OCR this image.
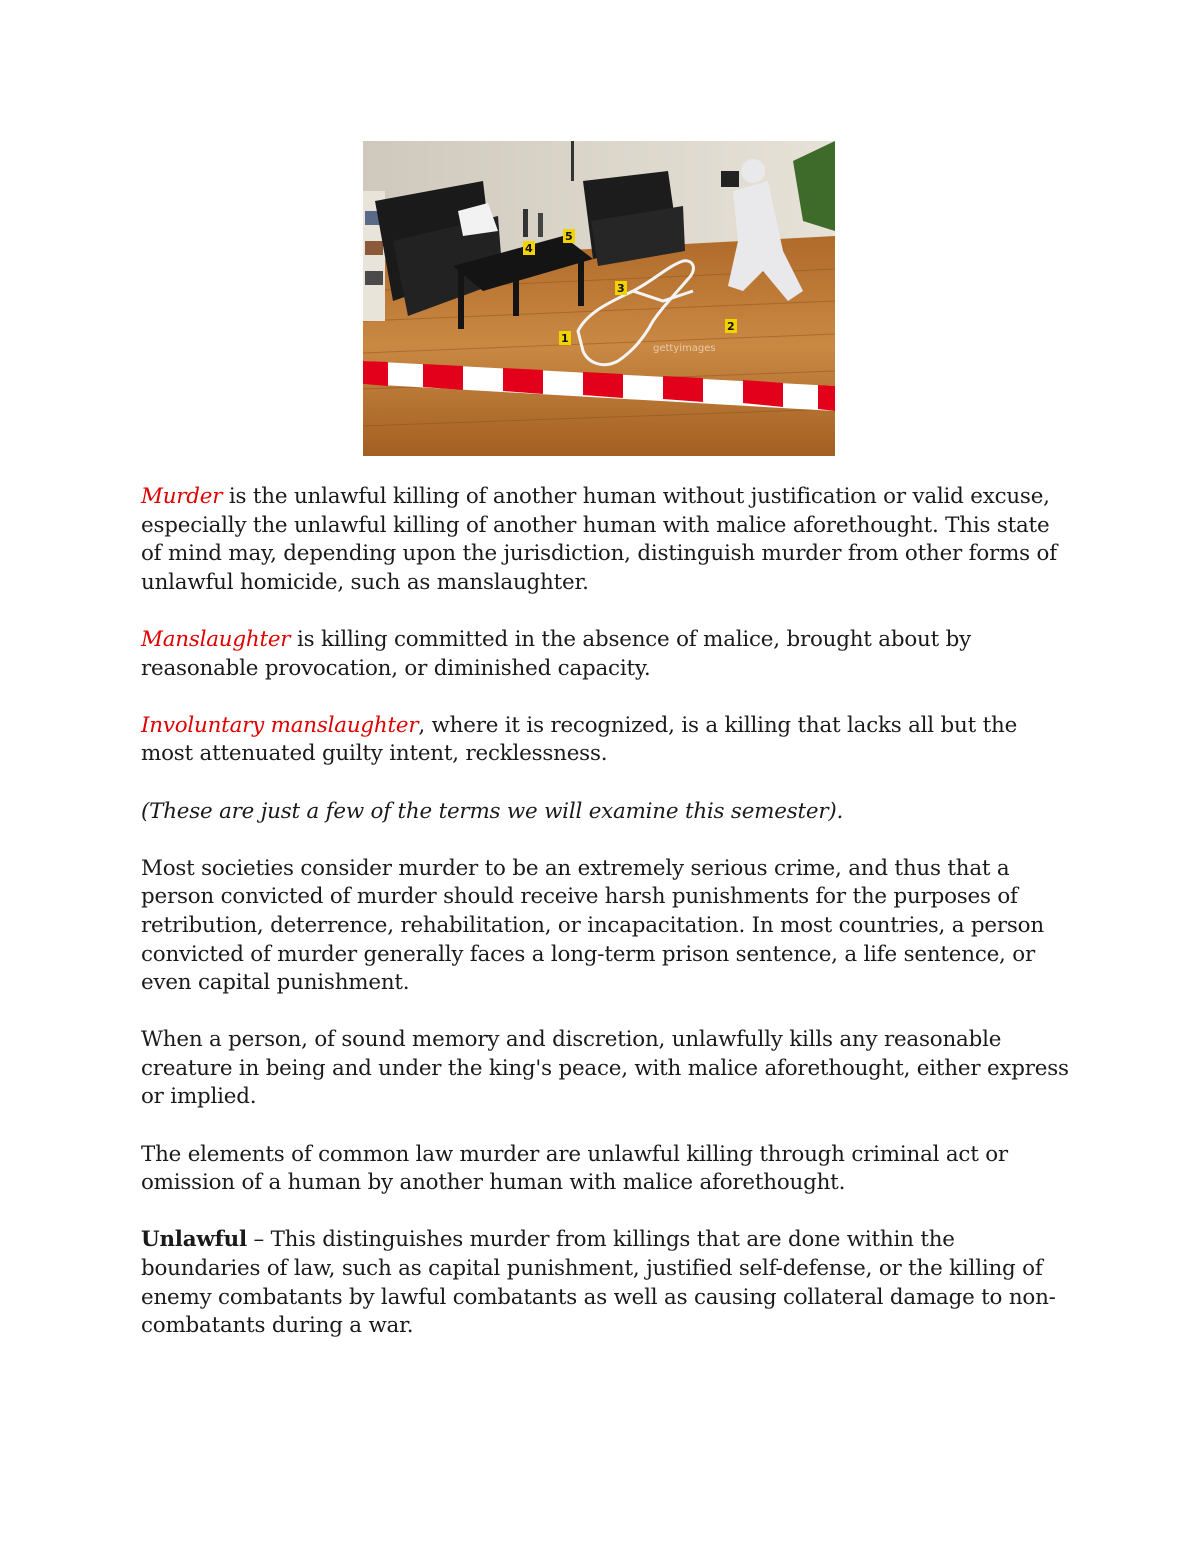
4
5
3
1
2
gettyimages

Murder is the unlawful killing of another human without justification or valid excuse, especially the unlawful killing of another human with malice aforethought. This state of mind may, depending upon the jurisdiction, distinguish murder from other forms of unlawful homicide, such as manslaughter.

Manslaughter is killing committed in the absence of malice, brought about by reasonable provocation, or diminished capacity.

Involuntary manslaughter, where it is recognized, is a killing that lacks all but the most attenuated guilty intent, recklessness.

(These are just a few of the terms we will examine this semester).

Most societies consider murder to be an extremely serious crime, and thus that a person convicted of murder should receive harsh punishments for the purposes of retribution, deterrence, rehabilitation, or incapacitation. In most countries, a person convicted of murder generally faces a long-term prison sentence, a life sentence, or even capital punishment.

When a person, of sound memory and discretion, unlawfully kills any reasonable creature in being and under the king's peace, with malice aforethought, either express or implied.

The elements of common law murder are unlawful killing through criminal act or omission of a human by another human with malice aforethought.

Unlawful – This distinguishes murder from killings that are done within the boundaries of law, such as capital punishment, justified self-defense, or the killing of enemy combatants by lawful combatants as well as causing collateral damage to non-combatants during a war.
